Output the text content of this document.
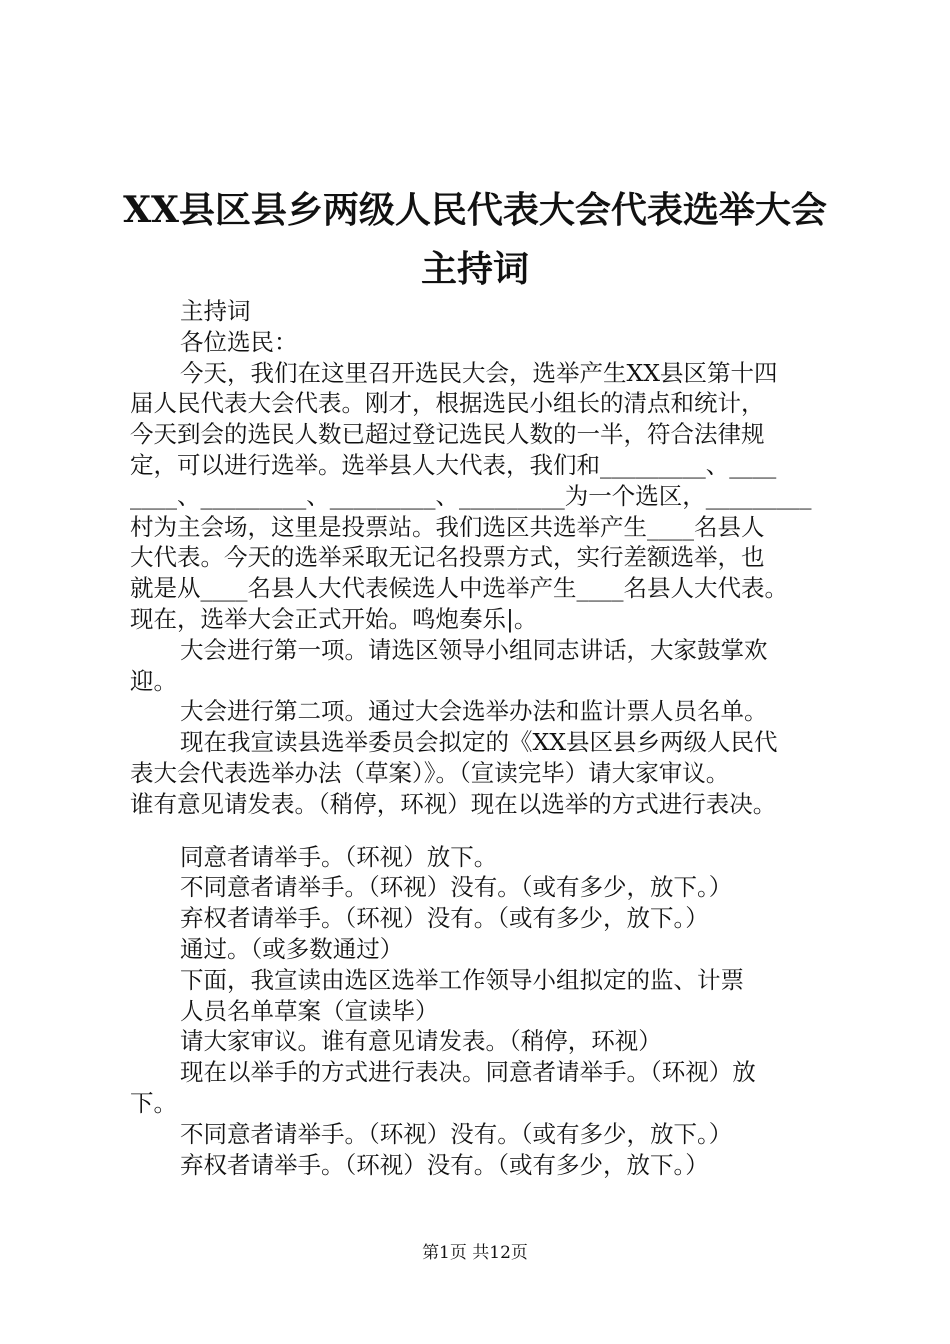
XX县区县乡两级人民代表大会代表选举大会
主持词
主持词
各位选民：
今天，我们在这里召开选民大会，选举产生XX县区第十四
届人民代表大会代表。刚才，根据选民小组长的清点和统计，
今天到会的选民人数已超过登记选民人数的一半，符合法律规
定，可以进行选举。选举县人大代表，我们和_________、____
____、_________、_________、_________为一个选区，_________
村为主会场，这里是投票站。我们选区共选举产生____名县人
大代表。今天的选举采取无记名投票方式，实行差额选举，也
就是从____名县人大代表候选人中选举产生____名县人大代表。
现在，选举大会正式开始。鸣炮奏乐|。
大会进行第一项。请选区领导小组同志讲话，大家鼓掌欢
迎。
大会进行第二项。通过大会选举办法和监计票人员名单。
现在我宣读县选举委员会拟定的《XX县区县乡两级人民代
表大会代表选举办法（草案）》。（宣读完毕）请大家审议。
谁有意见请发表。（稍停，环视）现在以选举的方式进行表决。
同意者请举手。（环视）放下。
不同意者请举手。（环视）没有。（或有多少，放下。）
弃权者请举手。（环视）没有。（或有多少，放下。）
通过。（或多数通过）
下面，我宣读由选区选举工作领导小组拟定的监、计票
人员名单草案（宣读毕）
请大家审议。谁有意见请发表。（稍停，环视）
现在以举手的方式进行表决。同意者请举手。（环视）放
下。
不同意者请举手。（环视）没有。（或有多少，放下。）
弃权者请举手。（环视）没有。（或有多少，放下。）
第1页 共12页
